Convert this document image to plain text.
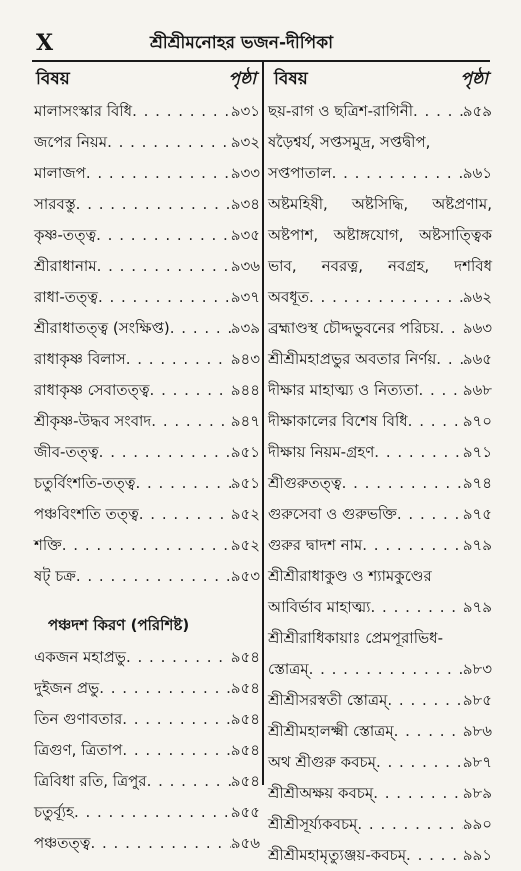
X	শ্রীশ্রীমনোহর ভজন-দীপিকা
বিষয়	পৃষ্ঠা বিষয়	পৃষ্ঠা
মালাসংস্কার বিধি . . .	৯৩১
জপের নিয়ম . . .	৯৩২
মালাজপ . . .	৯৩৩
সারবস্তু . . .	৯৩৪
কৃষ্ণ-তত্ত্ব . . .	৯৩৫
শ্রীরাধানাম . . .	৯৩৬
রাধা-তত্ত্ব . . .	৯৩৭
শ্রীরাধাতত্ত্ব (সংক্ষিপ্ত) . . .	৯৩৯
রাধাকৃষ্ণ বিলাস . . .	৯৪৩
রাধাকৃষ্ণ সেবাতত্ত্ব . . .	৯৪৪
শ্রীকৃষ্ণ-উদ্ধব সংবাদ . . .	৯৪৭
জীব-তত্ত্ব . . .	৯৫১
চতুর্বিংশতি-তত্ত্ব . . .	৯৫১
পঞ্চবিংশতি তত্ত্ব . . .	৯৫২
শক্তি . . .	৯৫২
ষট্ চক্র . . .	৯৫৩
পঞ্চদশ কিরণ (পরিশিষ্ট)
একজন মহাপ্রভু . . .	৯৫৪
দুইজন প্রভু . . .	৯৫৪
তিন গুণাবতার . . .	৯৫৪
ত্রিগুণ, ত্রিতাপ . . .	৯৫৪
ত্রিবিধা রতি, ত্রিপুর . . .	৯৫৪
চতুর্ব্যূহ . . .	৯৫৫
পঞ্চতত্ত্ব . . .	৯৫৬
ছয়-রাগ ও ছত্রিশ-রাগিনী . . .	৯৫৯
ষড়ৈশ্বর্য, সপ্তসমুদ্র, সপ্তদ্বীপ,
সপ্তপাতাল . . .	৯৬১
অষ্টমহিষী, অষ্টসিদ্ধি, অষ্টপ্রণাম,
অষ্টপাশ, অষ্টাঙ্গযোগ, অষ্টসাত্ত্বিক
ভাব, নবরত্ন, নবগ্রহ, দশবিধ
অবধূত . . .	৯৬২
ব্রহ্মাণ্ডস্থ চৌদ্দভুবনের পরিচয় . . . ৯৬৩
শ্রীশ্রীমহাপ্রভুর অবতার নির্ণয় . . . ৯৬৫
দীক্ষার মাহাত্ম্য ও নিত্যতা . . .	৯৬৮
দীক্ষাকালের বিশেষ বিধি . . .	৯৭০
দীক্ষায় নিয়ম-গ্রহণ . . .	৯৭১
শ্রীগুরুতত্ত্ব . . .	৯৭৪
গুরুসেবা ও গুরুভক্তি . . .	৯৭৫
গুরুর দ্বাদশ নাম . . .	৯৭৯
শ্রীশ্রীরাধাকুণ্ড ও শ্যামকুণ্ডের
আবির্ভাব মাহাত্ম্য . . .	৯৭৯
শ্রীশ্রীরাধিকায়াঃ প্রেমপূরাভিধ-
স্তোত্রম্ . . .	৯৮৩
শ্রীশ্রীসরস্বতী স্তোত্রম্ . . .	৯৮৫
শ্রীশ্রীমহালক্ষ্মী স্তোত্রম্ . . .	৯৮৬
অথ শ্রীগুরু কবচম্ . . .	৯৮৭
শ্রীশ্রীঅক্ষয় কবচম্ . . .	৯৮৯
শ্রীশ্রীসূর্য্যকবচম্ . . .	৯৯০
শ্রীশ্রীমহামৃত্যুঞ্জয়-কবচম্ . . .	৯৯১
